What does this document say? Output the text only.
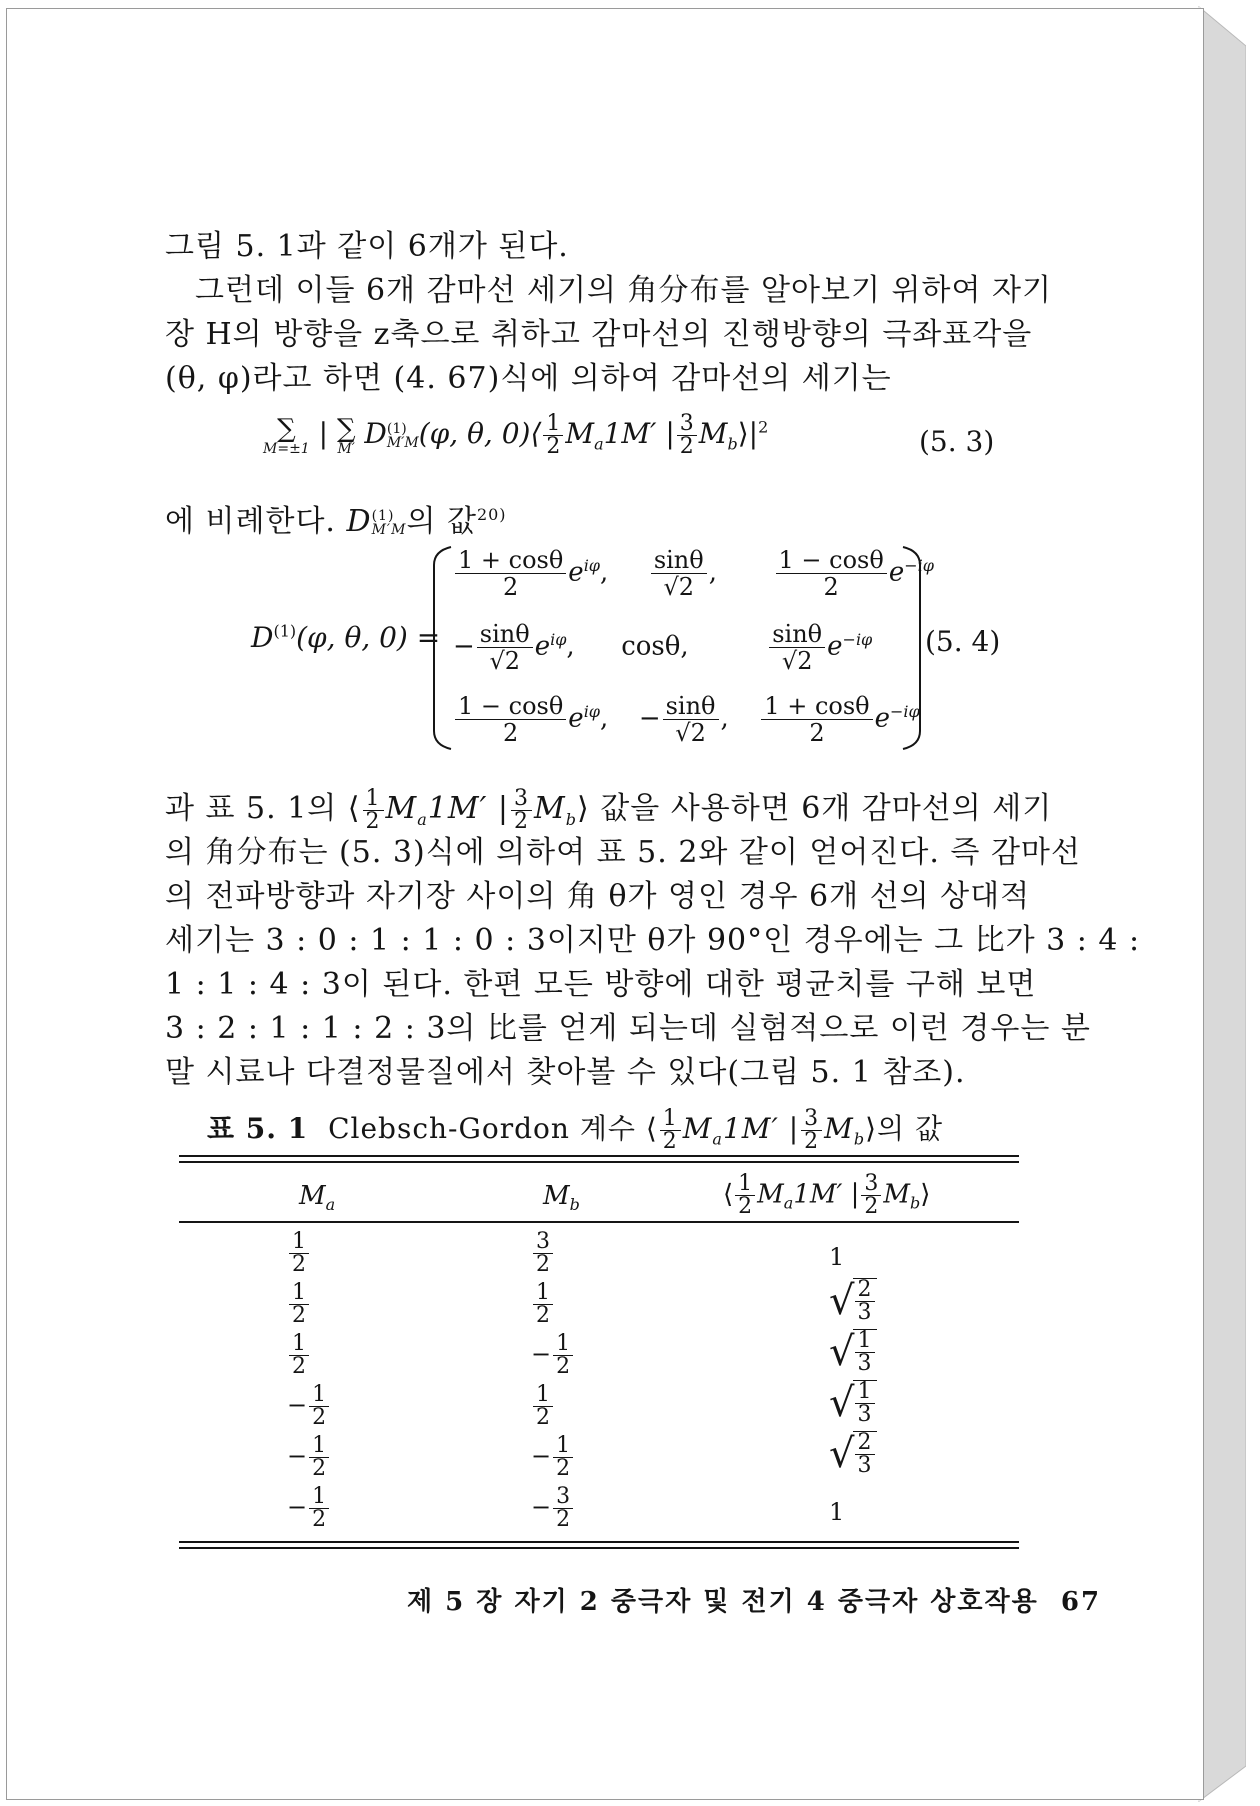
그림 5. 1과 같이 6개가 된다.
그런데 이들 6개 감마선 세기의 角分布를 알아보기 위하여 자기
장 H의 방향을 z축으로 취하고 감마선의 진행방향의 극좌표각을
(θ, φ)라고 하면 (4. 67)식에 의하여 감마선의 세기는
∑
M=±1 | ∑
M′ D (1)
M′M (φ, θ, 0)⟨ $\frac{1}{2} M_a1M'$ | $\frac{3}{2}$ $M_b⟩|^2$	(5. 3)
에 비례한다. D (1)
M′M 의 값$^{20)}$
$D^{(1)}(\varphi$, θ, 0) =
$\frac{1 + \cos\theta}{2} e^{i\varphi}$, $\frac{\sin\theta}{√2}$ , $\frac{1 - \cos\theta}{2} e^{-i\varphi}$
− $\frac{\sin\theta}{√2} e^{i\varphi}$, cosθ,	$\frac{\sin\theta}{√2} e^{-i\varphi}$
$\frac{1 - \cos\theta}{2} e^{i\varphi}$, − $\frac{\sin\theta}{√2}$ , $\frac{1 + \cos\theta}{2} e^{-i\varphi}$
(5. 4)
과 표 5. 1의 ⟨ $\frac{1}{2} M_a1M'$ | $\frac{3}{2}$ $M_b⟩$ 값을 사용하면 6개 감마선의 세기
의 角分布는 (5. 3)식에 의하여 표 5. 2와 같이 얻어진다. 즉 감마선
의 전파방향과 자기장 사이의 角 θ가 영인 경우 6개 선의 상대적
세기는 3 : 0 : 1 : 1 : 0 : 3이지만 θ가 90°인 경우에는 그 比가 3 : 4 :
1 : 1 : 4 : 3이 된다. 한편 모든 방향에 대한 평균치를 구해 보면
3 : 2 : 1 : 1 : 2 : 3의 比를 얻게 되는데 실험적으로 이런 경우는 분
말 시료나 다결정물질에서 찾아볼 수 있다(그림 5. 1 참조).
표 5. 1 Clebsch-Gordon 계수 ⟨ $\frac{1}{2} M_a1M'$ | $\frac{3}{2}$ $M_b⟩$의 값
$M_a$	$M_b$	⟨ $\frac{1}{2} M_a1M'$ | $\frac{3}{2}$ $M_b⟩$
$\frac{1}{2}$	$\frac{3}{2}$	1
$\frac{1}{2}$	$\frac{1}{2}$	√ $\frac{2}{3}$
$\frac{1}{2}$	− $\frac{1}{2}$	√ $\frac{1}{3}$
− $\frac{1}{2}$	$\frac{1}{2}$	√ $\frac{1}{3}$
− $\frac{1}{2}$	− $\frac{1}{2}$	√ $\frac{2}{3}$
− $\frac{1}{2}$	− $\frac{3}{2}$	1
제 5 장 자기 2 중극자 및 전기 4 중극자 상호작용 67
